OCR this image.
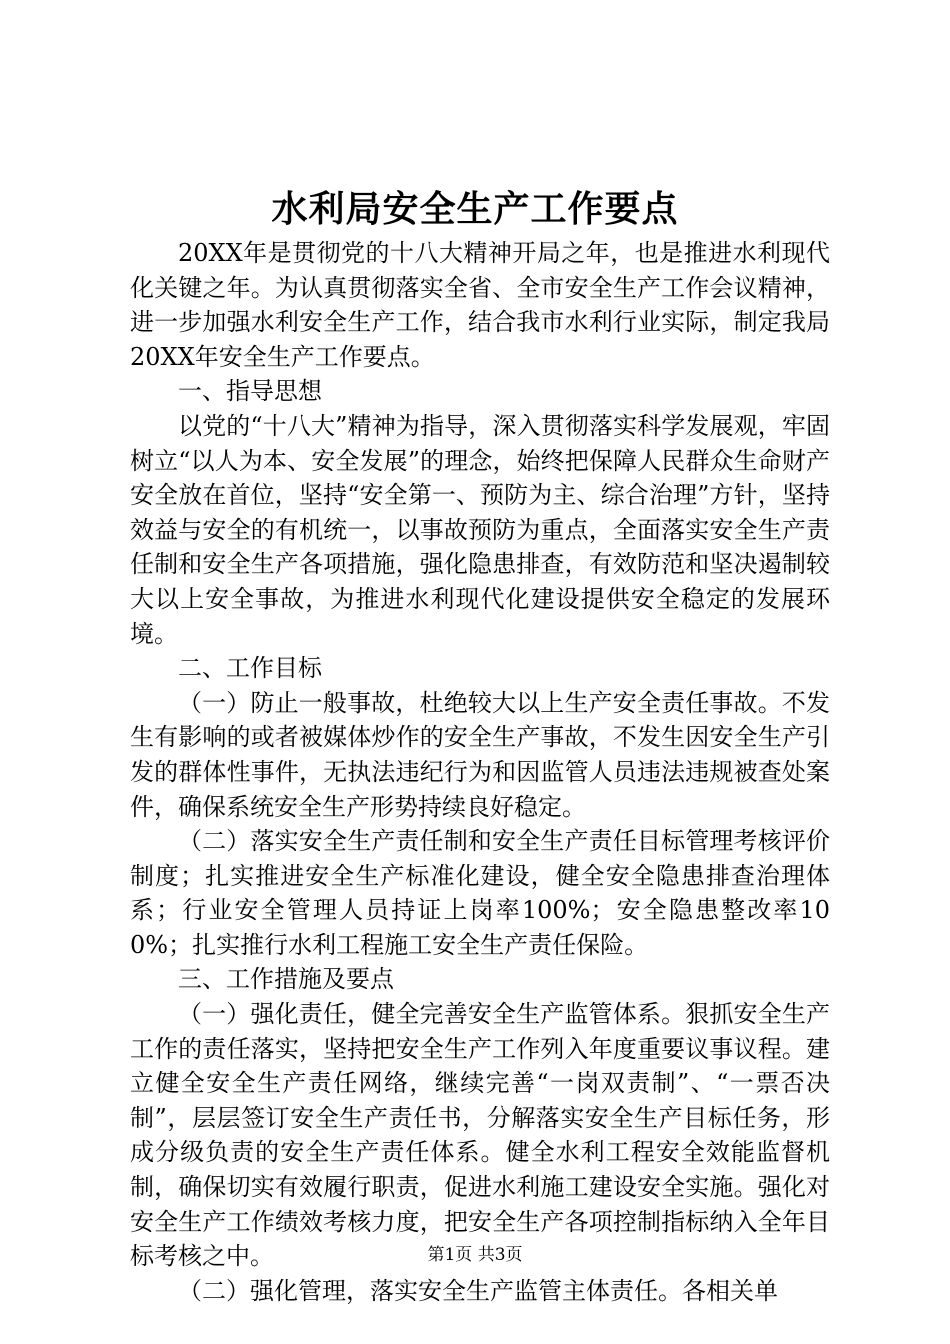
水利局安全生产工作要点

20XX年是贯彻党的十八大精神开局之年，也是推进水利现代化关键之年。为认真贯彻落实全省、全市安全生产工作会议精神，进一步加强水利安全生产工作，结合我市水利行业实际，制定我局20XX年安全生产工作要点。

一、指导思想

以党的“十八大”精神为指导，深入贯彻落实科学发展观，牢固树立“以人为本、安全发展”的理念，始终把保障人民群众生命财产安全放在首位，坚持“安全第一、预防为主、综合治理”方针，坚持效益与安全的有机统一，以事故预防为重点，全面落实安全生产责任制和安全生产各项措施，强化隐患排查，有效防范和坚决遏制较大以上安全事故，为推进水利现代化建设提供安全稳定的发展环境。

二、工作目标

（一）防止一般事故，杜绝较大以上生产安全责任事故。不发生有影响的或者被媒体炒作的安全生产事故，不发生因安全生产引发的群体性事件，无执法违纪行为和因监管人员违法违规被查处案件，确保系统安全生产形势持续良好稳定。

（二）落实安全生产责任制和安全生产责任目标管理考核评价制度；扎实推进安全生产标准化建设，健全安全隐患排查治理体系；行业安全管理人员持证上岗率100%；安全隐患整改率100%；扎实推行水利工程施工安全生产责任保险。

三、工作措施及要点

（一）强化责任，健全完善安全生产监管体系。狠抓安全生产工作的责任落实，坚持把安全生产工作列入年度重要议事议程。建立健全安全生产责任网络，继续完善“一岗双责制”、“一票否决制”，层层签订安全生产责任书，分解落实安全生产目标任务，形成分级负责的安全生产责任体系。健全水利工程安全效能监督机制，确保切实有效履行职责，促进水利施工建设安全实施。强化对安全生产工作绩效考核力度，把安全生产各项控制指标纳入全年目标考核之中。

（二）强化管理，落实安全生产监管主体责任。各相关单

第1页 共3页
